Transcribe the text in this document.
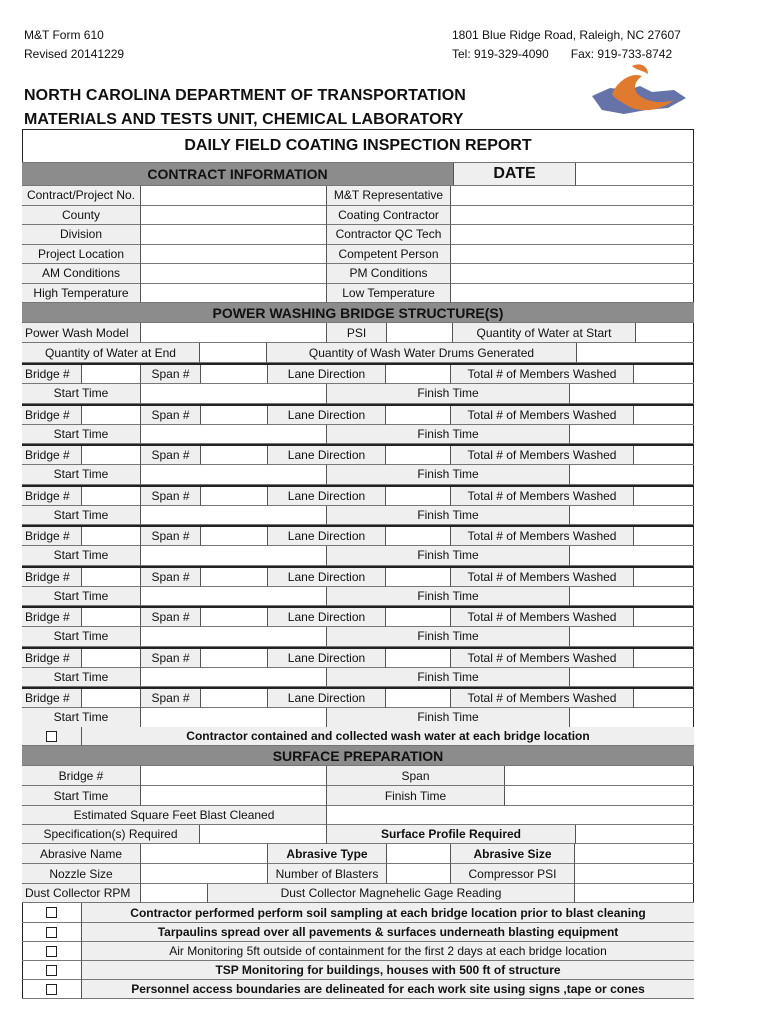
M&T Form 610
Revised 20141229
1801 Blue Ridge Road, Raleigh, NC 27607
Tel: 919-329-4090 Fax: 919-733-8742
NORTH CAROLINA DEPARTMENT OF TRANSPORTATION
MATERIALS AND TESTS UNIT, CHEMICAL LABORATORY
DAILY FIELD COATING INSPECTION REPORT
CONTRACT INFORMATION	DATE
Contract/Project No.	M&T Representative
County	Coating Contractor
Division	Contractor QC Tech
Project Location	Competent Person
AM Conditions	PM Conditions
High Temperature	Low Temperature
POWER WASHING BRIDGE STRUCTURE(S)
Power Wash Model	PSI	Quantity of Water at Start
Quantity of Water at End	Quantity of Wash Water Drums Generated
Bridge #	Span #	Lane Direction	Total # of Members Washed
Start Time	Finish Time
Bridge #	Span #	Lane Direction	Total # of Members Washed
Start Time	Finish Time
Bridge #	Span #	Lane Direction	Total # of Members Washed
Start Time	Finish Time
Bridge #	Span #	Lane Direction	Total # of Members Washed
Start Time	Finish Time
Bridge #	Span #	Lane Direction	Total # of Members Washed
Start Time	Finish Time
Bridge #	Span #	Lane Direction	Total # of Members Washed
Start Time	Finish Time
Bridge #	Span #	Lane Direction	Total # of Members Washed
Start Time	Finish Time
Bridge #	Span #	Lane Direction	Total # of Members Washed
Start Time	Finish Time
Bridge #	Span #	Lane Direction	Total # of Members Washed
Start Time	Finish Time
Contractor contained and collected wash water at each bridge location
SURFACE PREPARATION
Bridge #	Span
Start Time	Finish Time
Estimated Square Feet Blast Cleaned
Specification(s) Required	Surface Profile Required
Abrasive Name	Abrasive Type	Abrasive Size
Nozzle Size	Number of Blasters	Compressor PSI
Dust Collector RPM	Dust Collector Magnehelic Gage Reading
Contractor performed perform soil sampling at each bridge location prior to blast cleaning
Tarpaulins spread over all pavements & surfaces underneath blasting equipment
Air Monitoring 5ft outside of containment for the first 2 days at each bridge location
TSP Monitoring for buildings, houses with 500 ft of structure
Personnel access boundaries are delineated for each work site using signs ,tape or cones
